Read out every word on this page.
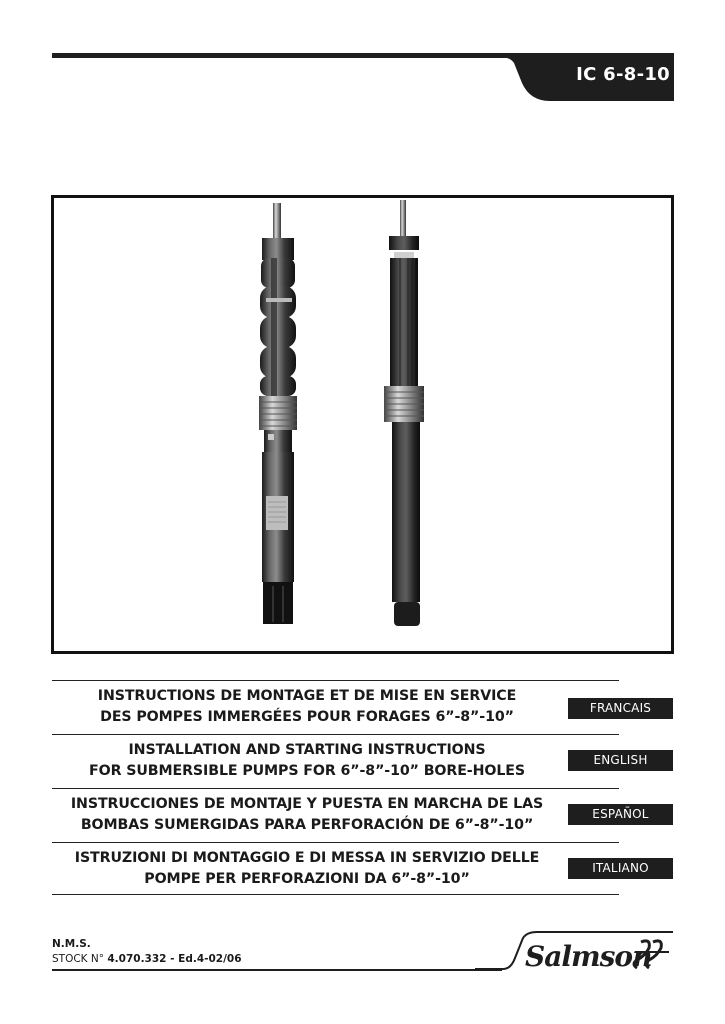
IC 6-8-10
INSTRUCTIONS DE MONTAGE ET DE MISE EN SERVICE
DES POMPES IMMERGÉES POUR FORAGES 6”-8”-10”
FRANCAIS
INSTALLATION AND STARTING INSTRUCTIONS
FOR SUBMERSIBLE PUMPS FOR 6”-8”-10” BORE-HOLES
ENGLISH
INSTRUCCIONES DE MONTAJE Y PUESTA EN MARCHA DE LAS
BOMBAS SUMERGIDAS PARA PERFORACIÓN DE 6”-8”-10”
ESPAÑOL
ISTRUZIONI DI MONTAGGIO E DI MESSA IN SERVIZIO DELLE
POMPE PER PERFORAZIONI DA 6”-8”-10”
ITALIANO
N.M.S.
STOCK N° 4.070.332 - Ed.4-02/06	Salmson
